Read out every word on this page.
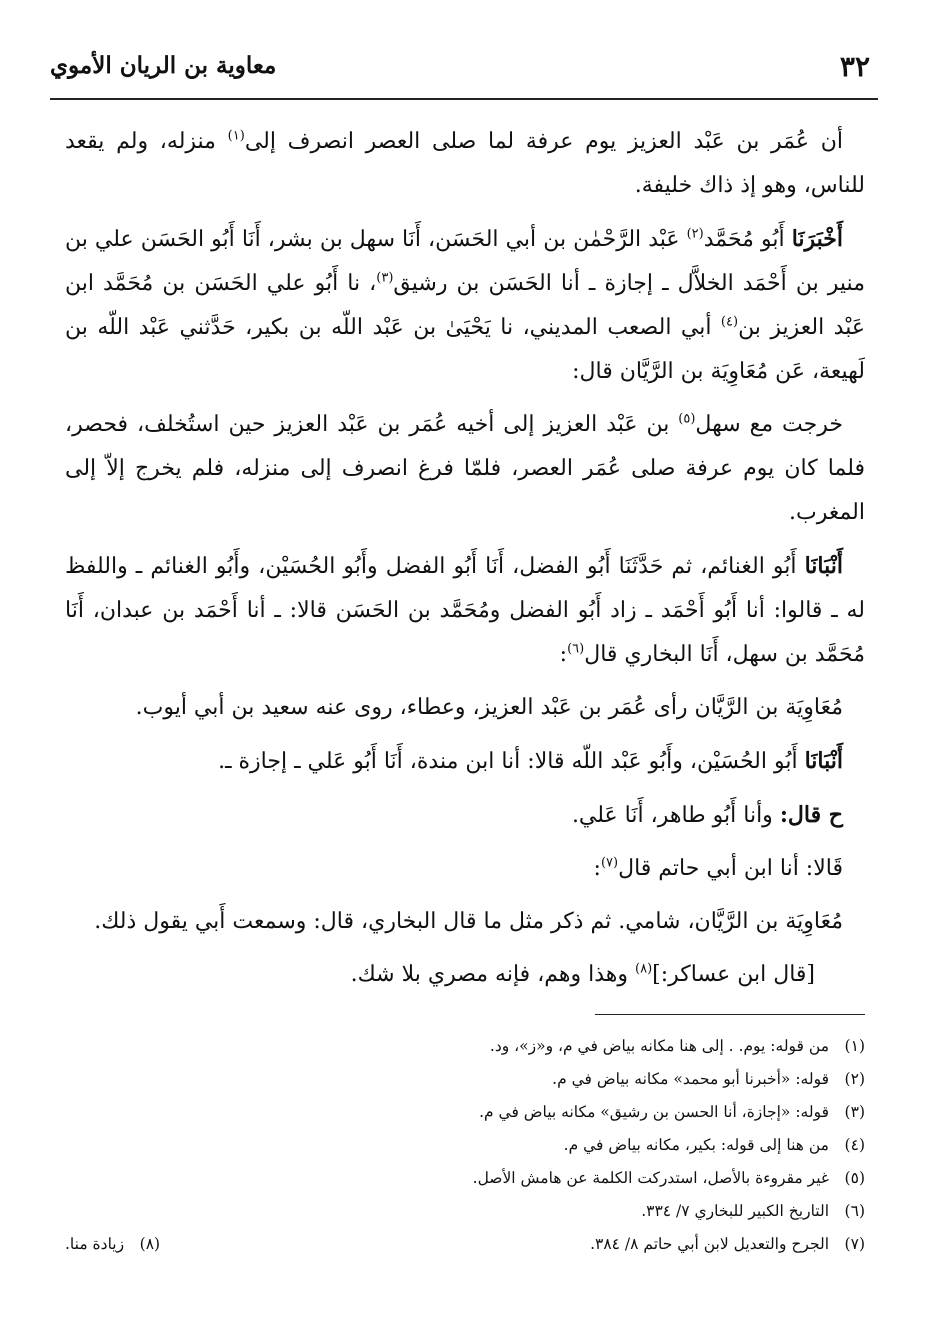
٣٢
معاوية بن الريان الأموي

أن عُمَر بن عَبْد العزيز يوم عرفة لما صلى العصر انصرف إلى$^{(١)}$ منزله، ولم يقعد للناس، وهو إذ ذاك خليفة.

أَخْبَرَنَا أَبُو مُحَمَّد$^{(٢)}$ عَبْد الرَّحْمٰن بن أبي الحَسَن، أَنَا سهل بن بشر، أَنَا أَبُو الحَسَن علي بن منير بن أَحْمَد الخلاَّل ـ إجازة ـ أنا الحَسَن بن رشيق$^{(٣)}$، نا أَبُو علي الحَسَن بن مُحَمَّد ابن عَبْد العزيز بن$^{(٤)}$ أبي الصعب المديني، نا يَحْيَىٰ بن عَبْد اللّه بن بكير، حَدَّثني عَبْد اللّه بن لَهيعة، عَن مُعَاوِيَة بن الرَّيَّان قال:

خرجت مع سهل$^{(٥)}$ بن عَبْد العزيز إلى أخيه عُمَر بن عَبْد العزيز حين استُخلف، فحصر، فلما كان يوم عرفة صلى عُمَر العصر، فلمّا فرغ انصرف إلى منزله، فلم يخرج إلاّ إلى المغرب.

أَنْبَانَا أَبُو الغنائم، ثم حَدَّثَنَا أَبُو الفضل، أَنَا أَبُو الفضل وأَبُو الحُسَيْن، وأَبُو الغنائم ـ واللفظ له ـ قالوا: أنا أَبُو أَحْمَد ـ زاد أَبُو الفضل ومُحَمَّد بن الحَسَن قالا: ـ أنا أَحْمَد بن عبدان، أَنَا مُحَمَّد بن سهل، أَنَا البخاري قال$^{(٦)}$:

مُعَاوِيَة بن الرَّيَّان رأى عُمَر بن عَبْد العزيز، وعطاء، روى عنه سعيد بن أبي أيوب.

أَنْبَانَا أَبُو الحُسَيْن، وأَبُو عَبْد اللّه قالا: أنا ابن مندة، أَنَا أَبُو عَلي ـ إجازة ـ.

ح قال: وأنا أَبُو طاهر، أَنَا عَلي.

قَالا: أنا ابن أبي حاتم قال$^{(٧)}$:

مُعَاوِيَة بن الرَّيَّان، شامي. ثم ذكر مثل ما قال البخاري، قال: وسمعت أَبي يقول ذلك.

[قال ابن عساكر:]$^{(٨)}$ وهذا وهم، فإنه مصري بلا شك.

(١)من قوله: يوم. . إلى هنا مكانه بياض في م، و«ز»، ود.
(٢)قوله: «أخبرنا أبو محمد» مكانه بياض في م.
(٣)قوله: «إجازة، أنا الحسن بن رشيق» مكانه بياض في م.
(٤)من هنا إلى قوله: بكير، مكانه بياض في م.
(٥)غير مقروءة بالأصل، استدركت الكلمة عن هامش الأصل.
(٦)التاريخ الكبير للبخاري ٧/ ٣٣٤.
(٧)الجرح والتعديل لابن أبي حاتم ٨/ ٣٨٤.
(٨)زيادة منا.
